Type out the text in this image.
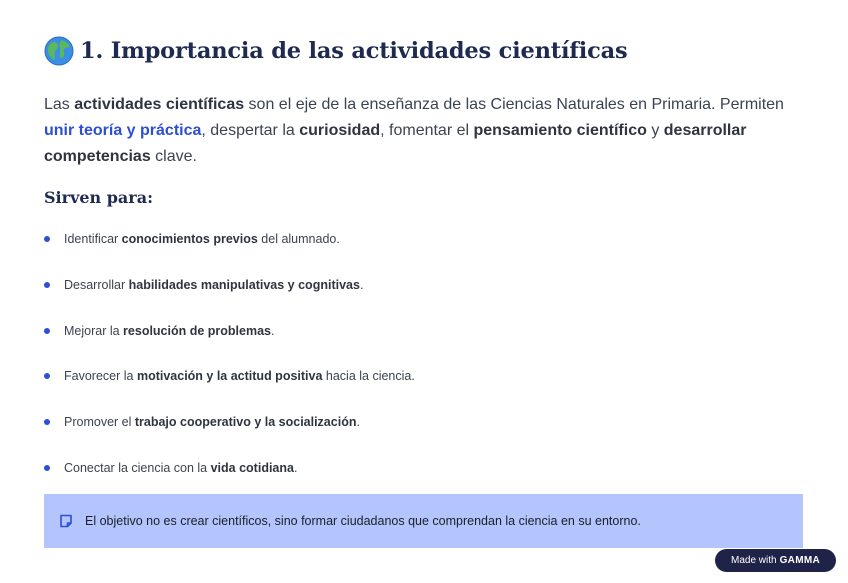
1. Importancia de las actividades científicas

Las actividades científicas son el eje de la enseñanza de las Ciencias Naturales en Primaria. Permiten unir teoría y práctica, despertar la curiosidad, fomentar el pensamiento científico y desarrollar competencias clave.

Sirven para:
Identificar conocimientos previos del alumnado.
Desarrollar habilidades manipulativas y cognitivas.
Mejorar la resolución de problemas.
Favorecer la motivación y la actitud positiva hacia la ciencia.
Promover el trabajo cooperativo y la socialización.
Conectar la ciencia con la vida cotidiana.
El objetivo no es crear científicos, sino formar ciudadanos que comprendan la ciencia en su entorno.
Made with GAMMA
